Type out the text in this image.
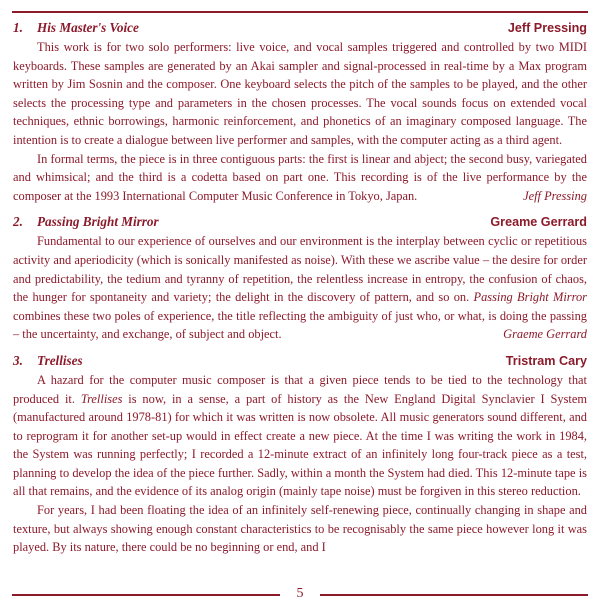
1.	His Master's Voice	Jeff Pressing

This work is for two solo performers: live voice, and vocal samples triggered and controlled by two MIDI keyboards. These samples are generated by an Akai sampler and signal-processed in real-time by a Max program written by Jim Sosnin and the composer. One keyboard selects the pitch of the samples to be played, and the other selects the processing type and parameters in the chosen processes. The vocal sounds focus on extended vocal techniques, ethnic borrowings, harmonic reinforcement, and phonetics of an imaginary composed language. The intention is to create a dialogue between live performer and samples, with the computer acting as a third agent.

In formal terms, the piece is in three contiguous parts: the first is linear and abject; the second busy, variegated and whimsical; and the third is a codetta based on part one. This recording is of the live performance by the composer at the 1993 International Computer Music Conference in Tokyo, Japan.	Jeff Pressing

2.	Passing Bright Mirror	Greame Gerrard

Fundamental to our experience of ourselves and our environment is the interplay between cyclic or repetitious activity and aperiodicity (which is sonically manifested as noise). With these we ascribe value – the desire for order and predictability, the tedium and tyranny of repetition, the relentless increase in entropy, the confusion of chaos, the hunger for spontaneity and variety; the delight in the discovery of pattern, and so on. Passing Bright Mirror combines these two poles of experience, the title reflecting the ambiguity of just who, or what, is doing the passing – the uncertainty, and exchange, of subject and object.	Graeme Gerrard

3.	Trellises	Tristram Cary

A hazard for the computer music composer is that a given piece tends to be tied to the technology that produced it. Trellises is now, in a sense, a part of history as the New England Digital Synclavier I System (manufactured around 1978-81) for which it was written is now obsolete. All music generators sound different, and to reprogram it for another set-up would in effect create a new piece. At the time I was writing the work in 1984, the System was running perfectly; I recorded a 12-minute extract of an infinitely long four-track piece as a test, planning to develop the idea of the piece further. Sadly, within a month the System had died. This 12-minute tape is all that remains, and the evidence of its analog origin (mainly tape noise) must be forgiven in this stereo reduction.

For years, I had been floating the idea of an infinitely self-renewing piece, continually changing in shape and texture, but always showing enough constant characteristics to be recognisably the same piece however long it was played. By its nature, there could be no beginning or end, and I

5
